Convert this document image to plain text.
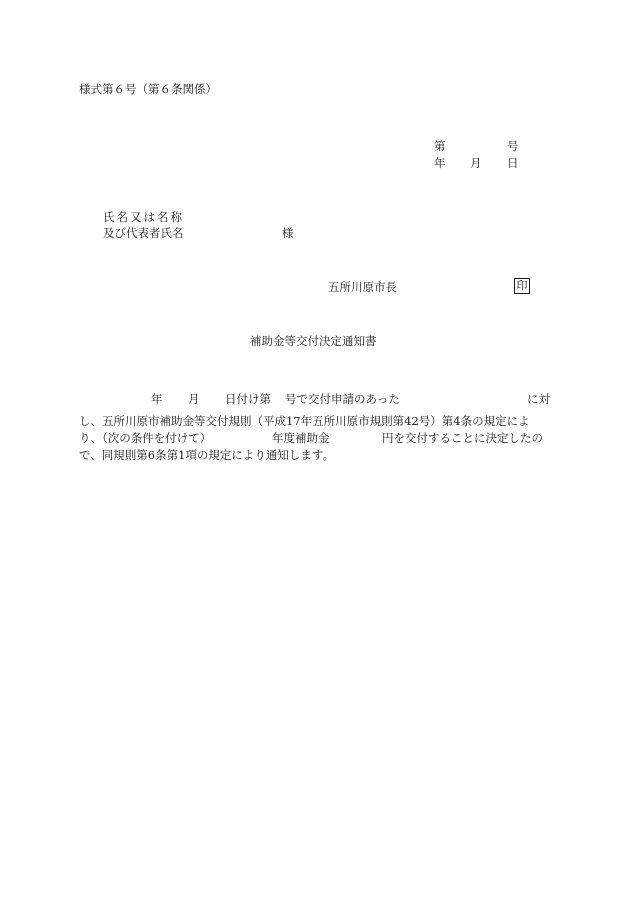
様式第６号（第６条関係）
第	号
年 月 日
氏名又は名称
及び代表者氏名	様
五所川原市長	印
補助金等交付決定通知書
年 月 日付け第 号で交付申請のあった	に対
し、五所川原市補助金等交付規則（平成17年五所川原市規則第42号）第4条の規定によ
り、（次の条件を付けて）	年度補助金	円を交付することに決定したの
で、同規則第6条第1項の規定により通知します。
